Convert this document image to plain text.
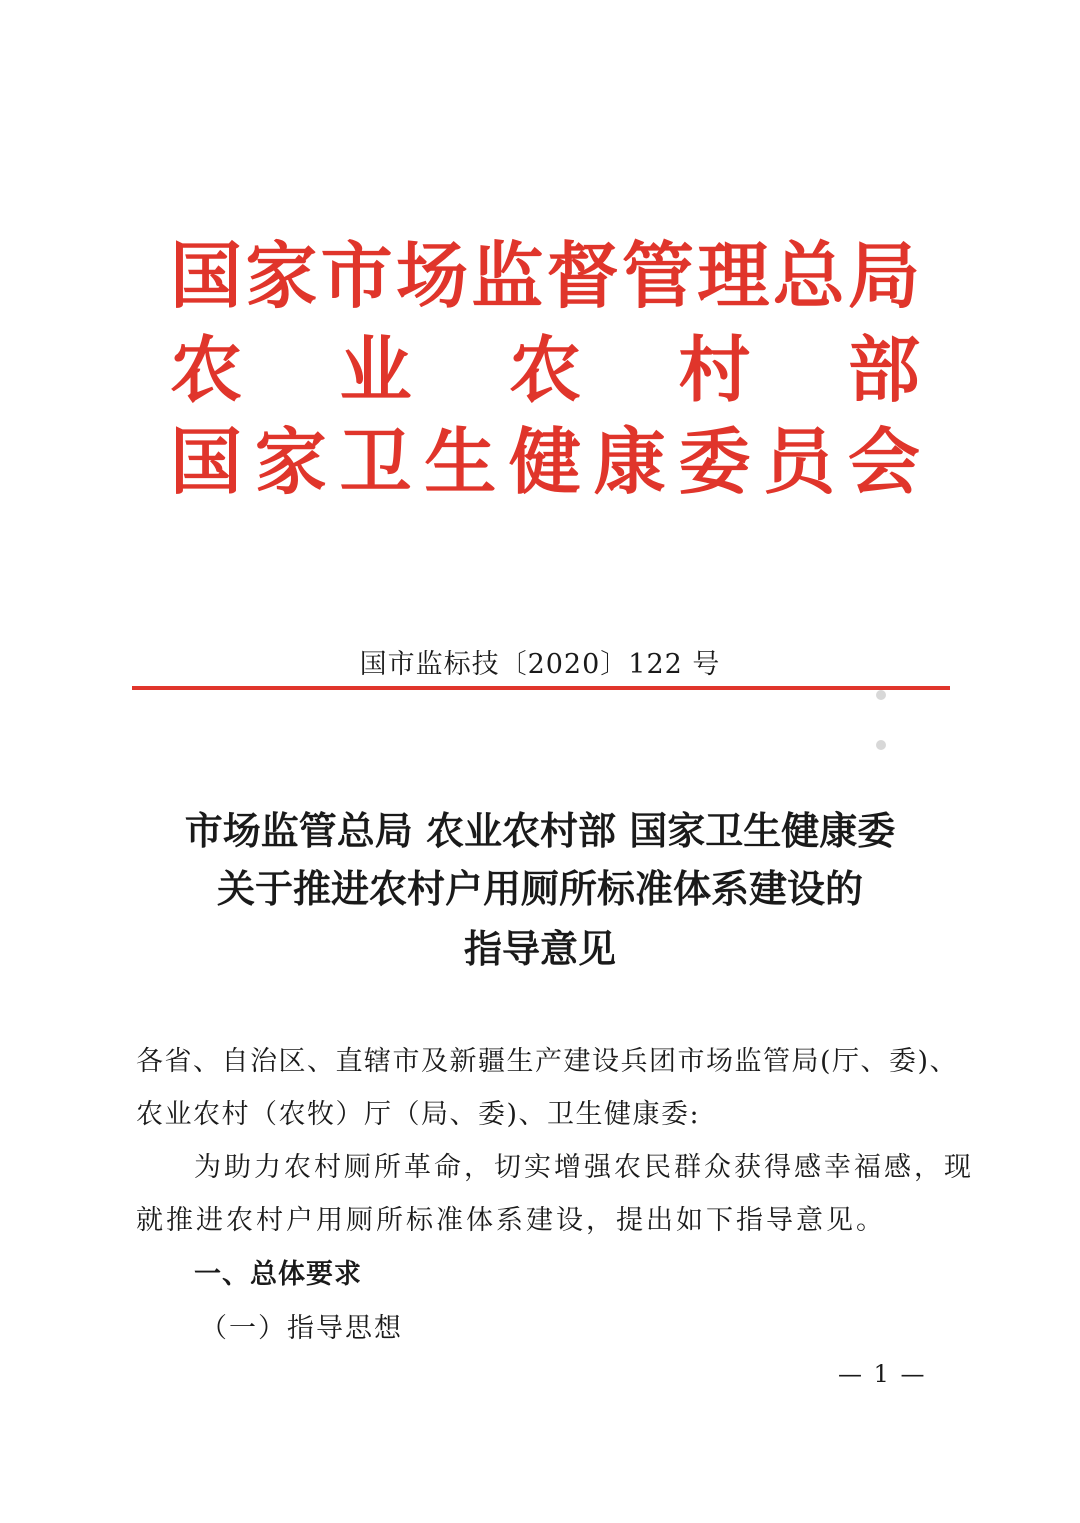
国 家 市 场 监 督 管 理 总 局
农 业 农 村 部
国 家 卫 生 健 康 委 员 会
国市监标技〔2020〕122 号
市场监管总局 农业农村部 国家卫生健康委
关于推进农村户用厕所标准体系建设的
指导意见
各省、自治区、直辖市及新疆生产建设兵团市场监管局(厅、委)、
农业农村（农牧）厅（局、委)、卫生健康委:
为助力农村厕所革命，切实增强农民群众获得感幸福感，现
就推进农村户用厕所标准体系建设，提出如下指导意见。
一、总体要求
（一）指导思想
— 1 —
